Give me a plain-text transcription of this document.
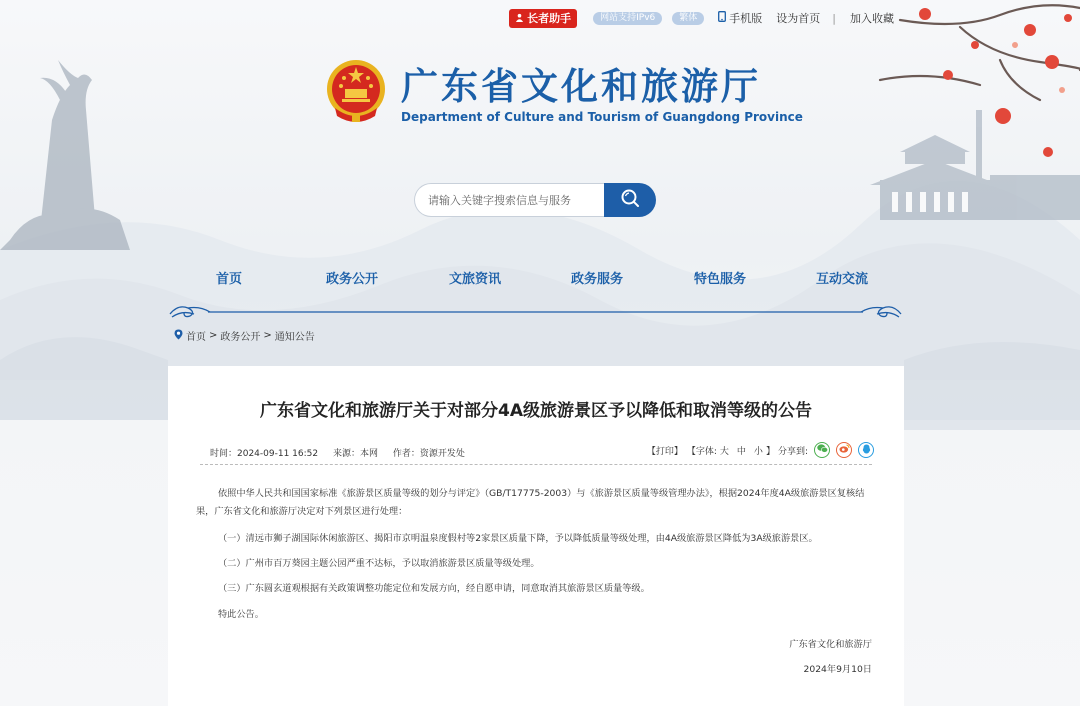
长者助手	网站支持IPv6	繁体	手机版 设为首页 | 加入收藏
广东省文化和旅游厅
Department of Culture and Tourism of Guangdong Province
请输入关键字搜索信息与服务
首页	政务公开	文旅资讯	政务服务	特色服务	互动交流
首页 > 政务公开 > 通知公告
广东省文化和旅游厅关于对部分4A级旅游景区予以降低和取消等级的公告
时间：2024-09-11 16:52 来源：本网 作者：资源开发处	【打印】 【字体: 大 中 小 】 分享到:

依照中华人民共和国国家标准《旅游景区质量等级的划分与评定》（GB/T17775-2003）与《旅游景区质量等级管理办法》，根据2024年度4A级旅游景区复核结果，广东省文化和旅游厅决定对下列景区进行处理：

（一）清远市狮子湖国际休闲旅游区、揭阳市京明温泉度假村等2家景区质量下降，予以降低质量等级处理，由4A级旅游景区降低为3A级旅游景区。

（二）广州市百万葵园主题公园严重不达标，予以取消旅游景区质量等级处理。

（三）广东圆玄道观根据有关政策调整功能定位和发展方向，经自愿申请，同意取消其旅游景区质量等级。

特此公告。

广东省文化和旅游厅
2024年9月10日
